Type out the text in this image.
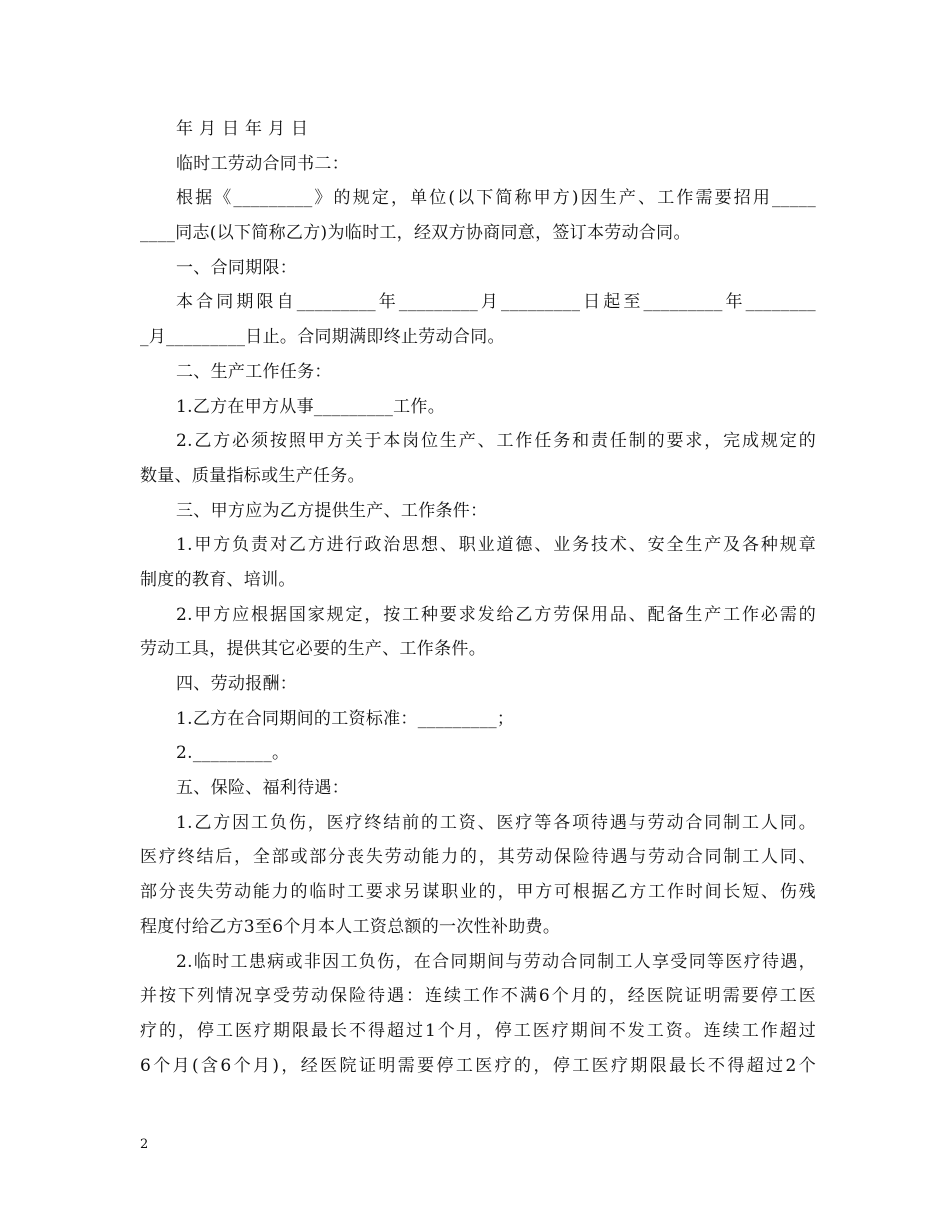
年 月 日 年 月 日
临时工劳动合同书二：
根据《_________》的规定，单位(以下简称甲方)因生产、工作需要招用_____
____同志(以下简称乙方)为临时工，经双方协商同意，签订本劳动合同。
一、合同期限：
本合同期限自_________年_________月_________日起至_________年________
_月_________日止。合同期满即终止劳动合同。
二、生产工作任务：
1.乙方在甲方从事_________工作。
2.乙方必须按照甲方关于本岗位生产、工作任务和责任制的要求，完成规定的
数量、质量指标或生产任务。
三、甲方应为乙方提供生产、工作条件：
1.甲方负责对乙方进行政治思想、职业道德、业务技术、安全生产及各种规章
制度的教育、培训。
2.甲方应根据国家规定，按工种要求发给乙方劳保用品、配备生产工作必需的
劳动工具，提供其它必要的生产、工作条件。
四、劳动报酬：
1.乙方在合同期间的工资标准：_________；
2._________。
五、保险、福利待遇：
1.乙方因工负伤，医疗终结前的工资、医疗等各项待遇与劳动合同制工人同。
医疗终结后，全部或部分丧失劳动能力的，其劳动保险待遇与劳动合同制工人同、
部分丧失劳动能力的临时工要求另谋职业的，甲方可根据乙方工作时间长短、伤残
程度付给乙方3至6个月本人工资总额的一次性补助费。
2.临时工患病或非因工负伤，在合同期间与劳动合同制工人享受同等医疗待遇，
并按下列情况享受劳动保险待遇：连续工作不满6个月的，经医院证明需要停工医
疗的，停工医疗期限最长不得超过1个月，停工医疗期间不发工资。连续工作超过
6个月(含6个月)，经医院证明需要停工医疗的，停工医疗期限最长不得超过2个
2
